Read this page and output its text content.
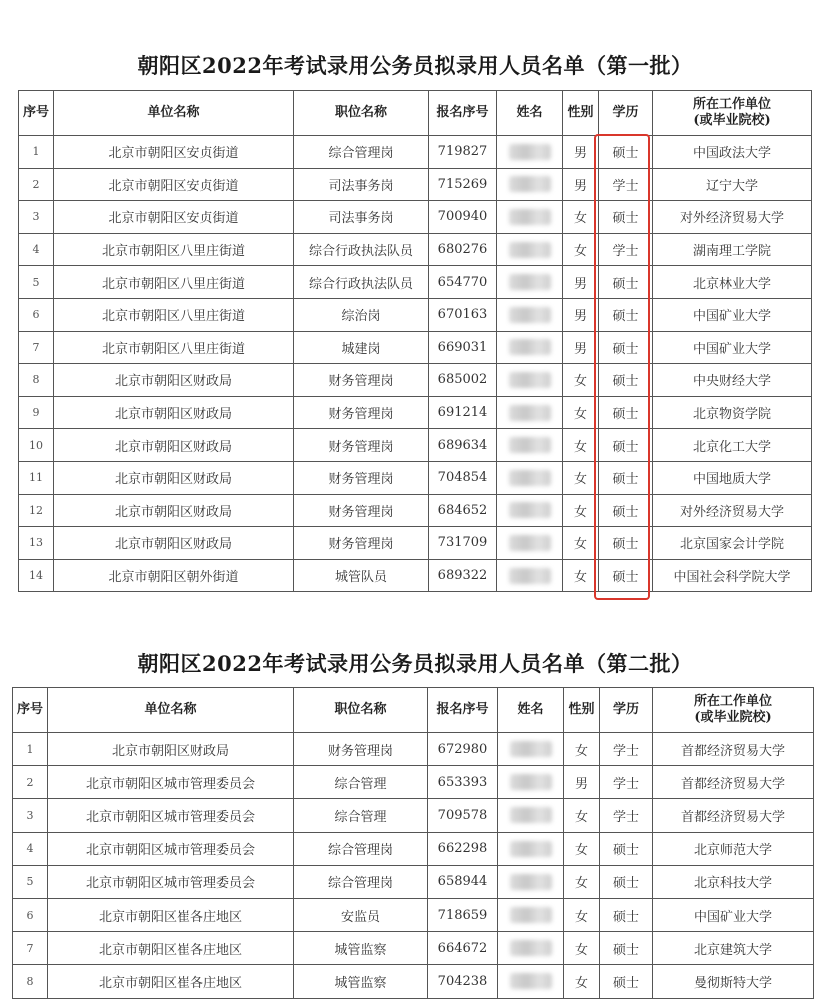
朝阳区2022年考试录用公务员拟录用人员名单（第一批）
序号	单位名称	职位名称	报名序号	姓名	性别	学历	所在工作单位
(或毕业院校)
1	北京市朝阳区安贞街道	综合管理岗	719827		男	硕士	中国政法大学
2	北京市朝阳区安贞街道	司法事务岗	715269		男	学士	辽宁大学
3	北京市朝阳区安贞街道	司法事务岗	700940		女	硕士	对外经济贸易大学
4	北京市朝阳区八里庄街道	综合行政执法队员	680276		女	学士	湖南理工学院
5	北京市朝阳区八里庄街道	综合行政执法队员	654770		男	硕士	北京林业大学
6	北京市朝阳区八里庄街道	综治岗	670163		男	硕士	中国矿业大学
7	北京市朝阳区八里庄街道	城建岗	669031		男	硕士	中国矿业大学
8	北京市朝阳区财政局	财务管理岗	685002		女	硕士	中央财经大学
9	北京市朝阳区财政局	财务管理岗	691214		女	硕士	北京物资学院
10	北京市朝阳区财政局	财务管理岗	689634		女	硕士	北京化工大学
11	北京市朝阳区财政局	财务管理岗	704854		女	硕士	中国地质大学
12	北京市朝阳区财政局	财务管理岗	684652		女	硕士	对外经济贸易大学
13	北京市朝阳区财政局	财务管理岗	731709		女	硕士	北京国家会计学院
14	北京市朝阳区朝外街道	城管队员	689322		女	硕士	中国社会科学院大学
朝阳区2022年考试录用公务员拟录用人员名单（第二批）
序号	单位名称	职位名称	报名序号	姓名	性别	学历	所在工作单位
(或毕业院校)
1	北京市朝阳区财政局	财务管理岗	672980		女	学士	首都经济贸易大学
2	北京市朝阳区城市管理委员会	综合管理	653393		男	学士	首都经济贸易大学
3	北京市朝阳区城市管理委员会	综合管理	709578		女	学士	首都经济贸易大学
4	北京市朝阳区城市管理委员会	综合管理岗	662298		女	硕士	北京师范大学
5	北京市朝阳区城市管理委员会	综合管理岗	658944		女	硕士	北京科技大学
6	北京市朝阳区崔各庄地区	安监员	718659		女	硕士	中国矿业大学
7	北京市朝阳区崔各庄地区	城管监察	664672		女	硕士	北京建筑大学
8	北京市朝阳区崔各庄地区	城管监察	704238		女	硕士	曼彻斯特大学
